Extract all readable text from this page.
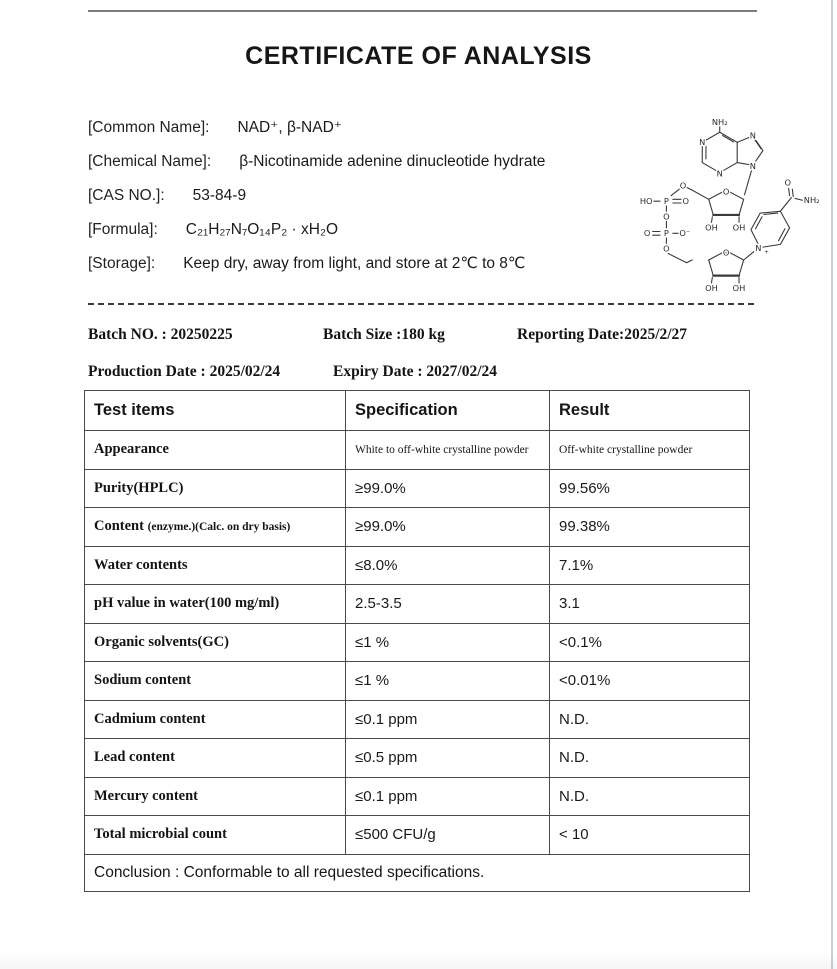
CERTIFICATE OF ANALYSIS
[Common Name]: NAD⁺, β-NAD⁺
[Chemical Name]: β-Nicotinamide adenine dinucleotide hydrate
[CAS NO.]: 53-84-9
[Formula]: C₂₁H₂₇N₇O₁₄P₂ · xH₂O
[Storage]: Keep dry, away from light, and store at 2℃ to 8℃
NH₂
N
N
N
N
O
OH OH
O
HO P O
O
O P O⁻
O	O
OH OH
N +
O
NH₂
Batch NO. : 20250225	Batch Size :180 kg	Reporting Date:2025/2/27
Production Date : 2025/02/24	Expiry Date : 2027/02/24
Test items	Specification	Result
Appearance	White to off-white crystalline powder	Off-white crystalline powder
Purity(HPLC)	≥99.0%	99.56%
Content (enzyme.)(Calc. on dry basis)	≥99.0%	99.38%
Water contents	≤8.0%	7.1%
pH value in water(100 mg/ml)	2.5-3.5	3.1
Organic solvents(GC)	≤1 %	<0.1%
Sodium content	≤1 %	<0.01%
Cadmium content	≤0.1 ppm	N.D.
Lead content	≤0.5 ppm	N.D.
Mercury content	≤0.1 ppm	N.D.
Total microbial count	≤500 CFU/g	< 10
Conclusion : Conformable to all requested specifications.		
